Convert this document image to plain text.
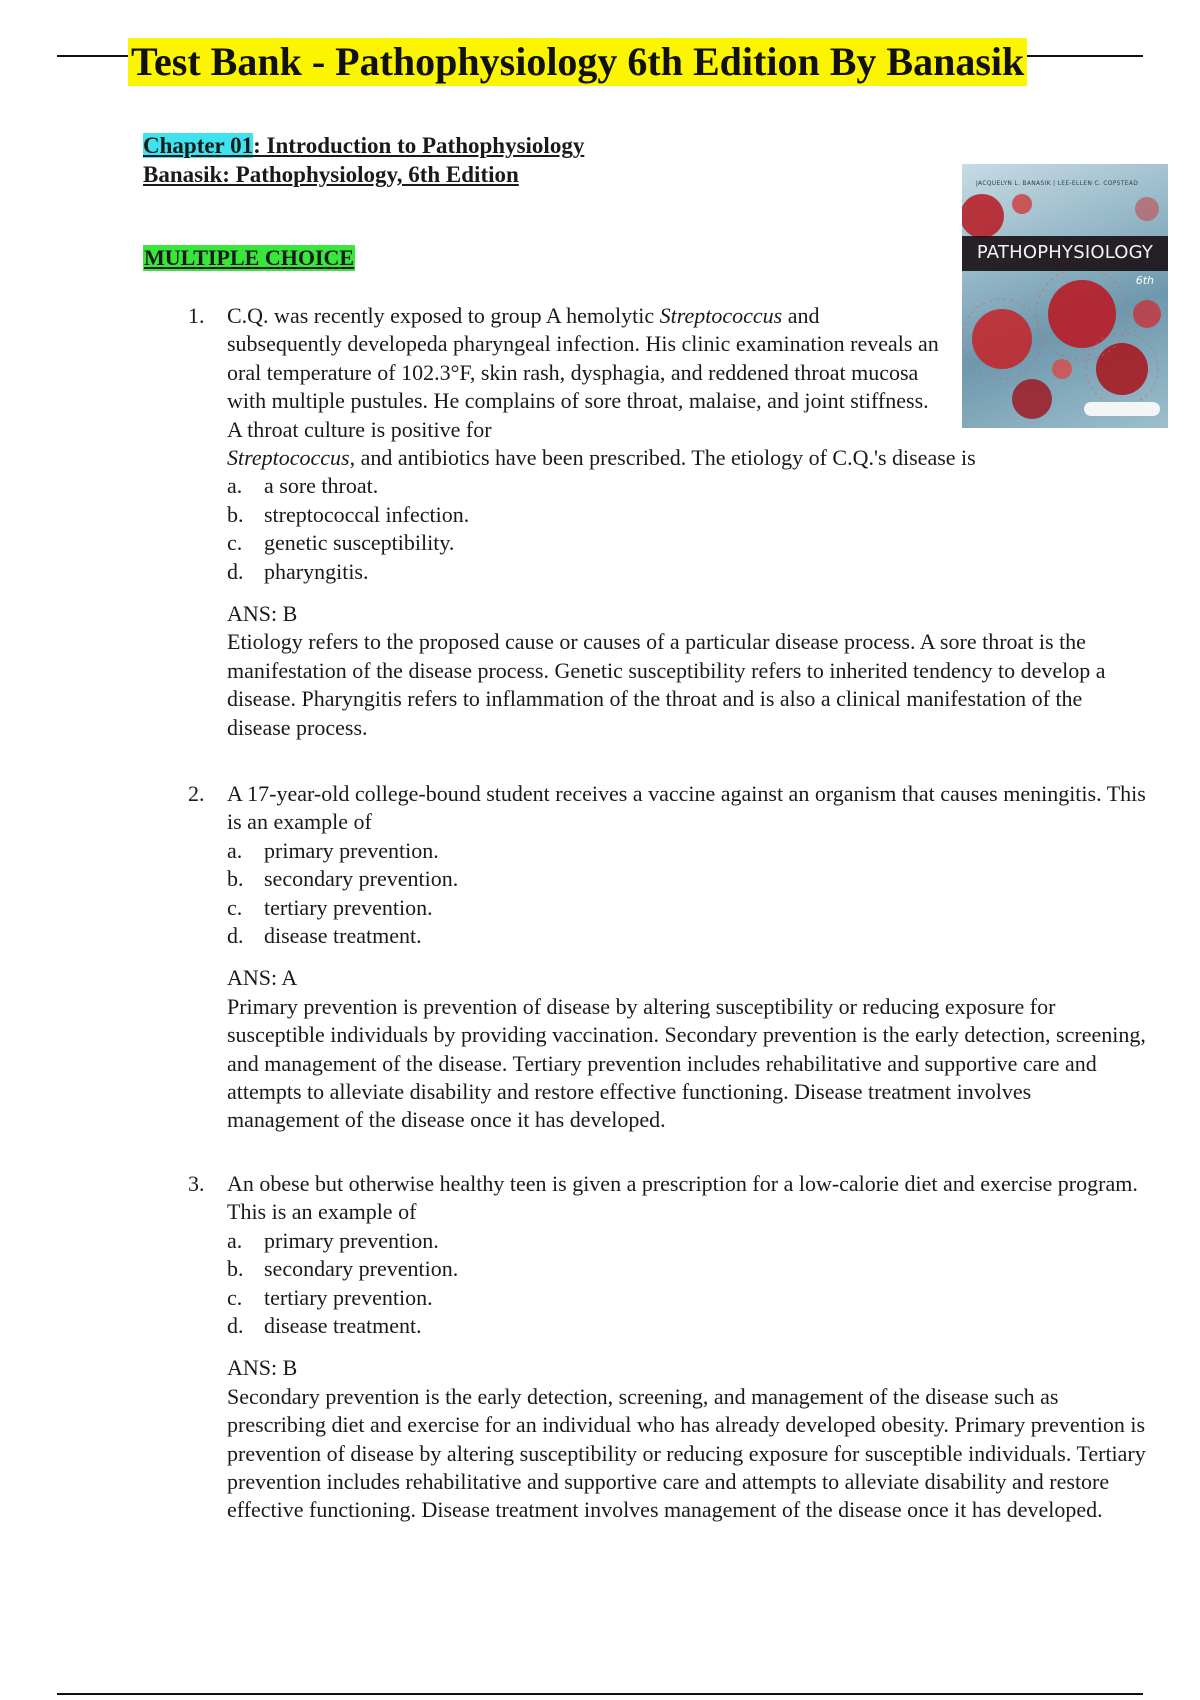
Test Bank - Pathophysiology 6th Edition By Banasik
Chapter 01: Introduction to Pathophysiology
Banasik: Pathophysiology, 6th Edition
MULTIPLE CHOICE
JACQUELYN L. BANASIK | LEE-ELLEN C. COPSTEAD
PATHOPHYSIOLOGY
6th
1. C.Q. was recently exposed to group A hemolytic Streptococcus and

subsequently developeda pharyngeal infection. His clinic examination reveals an oral temperature of 102.3°F, skin rash, dysphagia, and reddened throat mucosa with multiple pustules. He complains of sore throat, malaise, and joint stiffness. A throat culture is positive for
Streptococcus, and antibiotics have been prescribed. The etiology of C.Q.'s disease is
a. a sore throat.
b. streptococcal infection.
c. genetic susceptibility.
d. pharyngitis.
ANS: B
Etiology refers to the proposed cause or causes of a particular disease process. A sore throat is the manifestation of the disease process. Genetic susceptibility refers to inherited tendency to develop a disease. Pharyngitis refers to inflammation of the throat and is also a clinical manifestation of the disease process.
2. A 17-year-old college-bound student receives a vaccine against an organism that causes meningitis. This is an example of
a. primary prevention.
b. secondary prevention.
c. tertiary prevention.
d. disease treatment.
ANS: A
Primary prevention is prevention of disease by altering susceptibility or reducing exposure for susceptible individuals by providing vaccination. Secondary prevention is the early detection, screening, and management of the disease. Tertiary prevention includes rehabilitative and supportive care and attempts to alleviate disability and restore effective functioning. Disease treatment involves management of the disease once it has developed.
3. An obese but otherwise healthy teen is given a prescription for a low-calorie diet and exercise program. This is an example of
a. primary prevention.
b. secondary prevention.
c. tertiary prevention.
d. disease treatment.
ANS: B
Secondary prevention is the early detection, screening, and management of the disease such as prescribing diet and exercise for an individual who has already developed obesity. Primary prevention is prevention of disease by altering susceptibility or reducing exposure for susceptible individuals. Tertiary prevention includes rehabilitative and supportive care and attempts to alleviate disability and restore effective functioning. Disease treatment involves management of the disease once it has developed.
